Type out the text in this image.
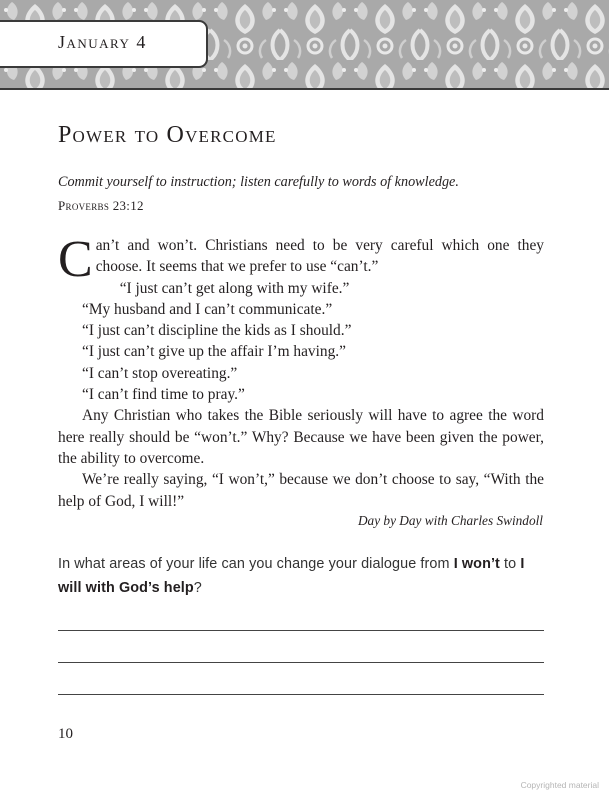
January 4
Power to Overcome
Commit yourself to instruction; listen carefully to words of knowledge.
Proverbs 23:12

Can’t and won’t. Christians need to be very careful which one they choose. It seems that we prefer to use “can’t.”

“I just can’t get along with my wife.”

“My husband and I can’t communicate.”

“I just can’t discipline the kids as I should.”

“I just can’t give up the affair I’m having.”

“I can’t stop overeating.”

“I can’t find time to pray.”

Any Christian who takes the Bible seriously will have to agree the word here really should be “won’t.” Why? Because we have been given the power, the ability to overcome.

We’re really saying, “I won’t,” because we don’t choose to say, “With the help of God, I will!”

Day by Day with Charles Swindoll
In what areas of your life can you change your dialogue from I won’t to I will with God’s help?
10
Copyrighted material
